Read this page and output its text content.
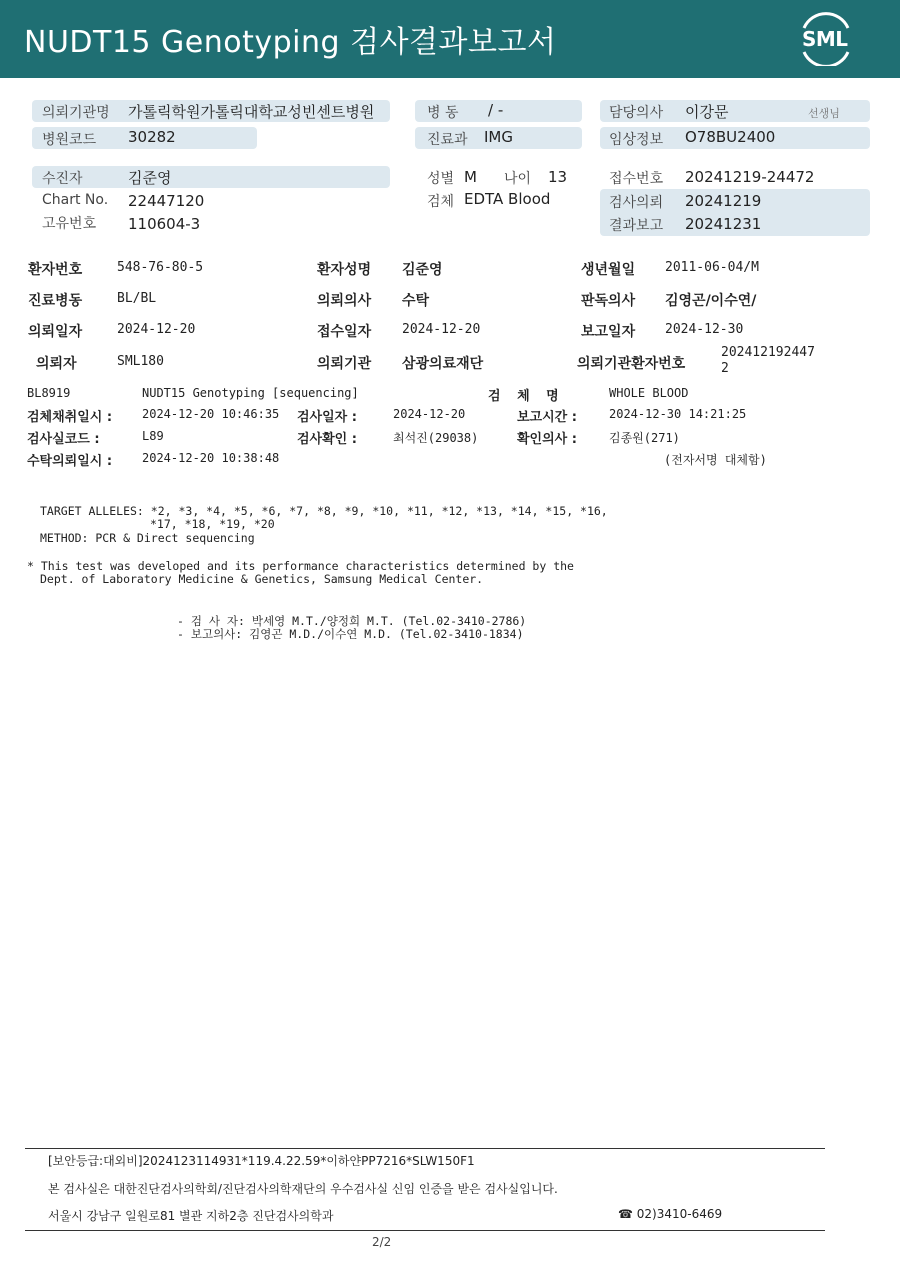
NUDT15 Genotyping 검사결과보고서	SML
의뢰기관명 가톨릭학원가톨릭대학교성빈센트병원
병원코드 30282
병 동 / -
진료과 IMG
담당의사 이강문	선생님
임상정보 O78BU2400
수진자	김준영
Chart No. 22447120
고유번호 110604-3
성별 M 나이 13
검체 EDTA Blood
접수번호 20241219-24472
검사의뢰 20241219
결과보고 20241231
환자번호	548-76-80-5	환자성명 김준영	생년월일 2011-06-04/M
진료병동	BL/BL	의뢰의사 수탁	판독의사 김영곤/이수연/
의뢰일자	2024-12-20	접수일자 2024-12-20	보고일자 2024-12-30
의뢰자	SML180	의뢰기관 삼광의료재단	의뢰기관환자번호
202412192447
2
BL8919	NUDT15 Genotyping [sequencing]	검 체 명	WHOLE BLOOD
검체채취일시 : 2024-12-20 10:46:35 검사일자 :	2024-12-20	보고시간 :	2024-12-30 14:21:25
검사실코드 :	L89	검사확인 :	최석진(29038)	확인의사 :	김종원(271)
수탁의뢰일시 : 2024-12-20 10:38:48	(전자서명 대체함)
TARGET ALLELES: *2, *3, *4, *5, *6, *7, *8, *9, *10, *11, *12, *13, *14, *15, *16,
*17, *18, *19, *20
METHOD: PCR & Direct sequencing
* This test was developed and its performance characteristics determined by the
Dept. of Laboratory Medicine & Genetics, Samsung Medical Center.
- 검 사 자: 박세영 M.T./양정희 M.T. (Tel.02-3410-2786)
- 보고의사: 김영곤 M.D./이수연 M.D. (Tel.02-3410-1834)
[보안등급:대외비]2024123114931*119.4.22.59*이하얀PP7216*SLW150F1
본 검사실은 대한진단검사의학회/진단검사의학재단의 우수검사실 신임 인증을 받은 검사실입니다.
서울시 강남구 일원로81 별관 지하2층 진단검사의학과	☎ 02)3410-6469
2/2
